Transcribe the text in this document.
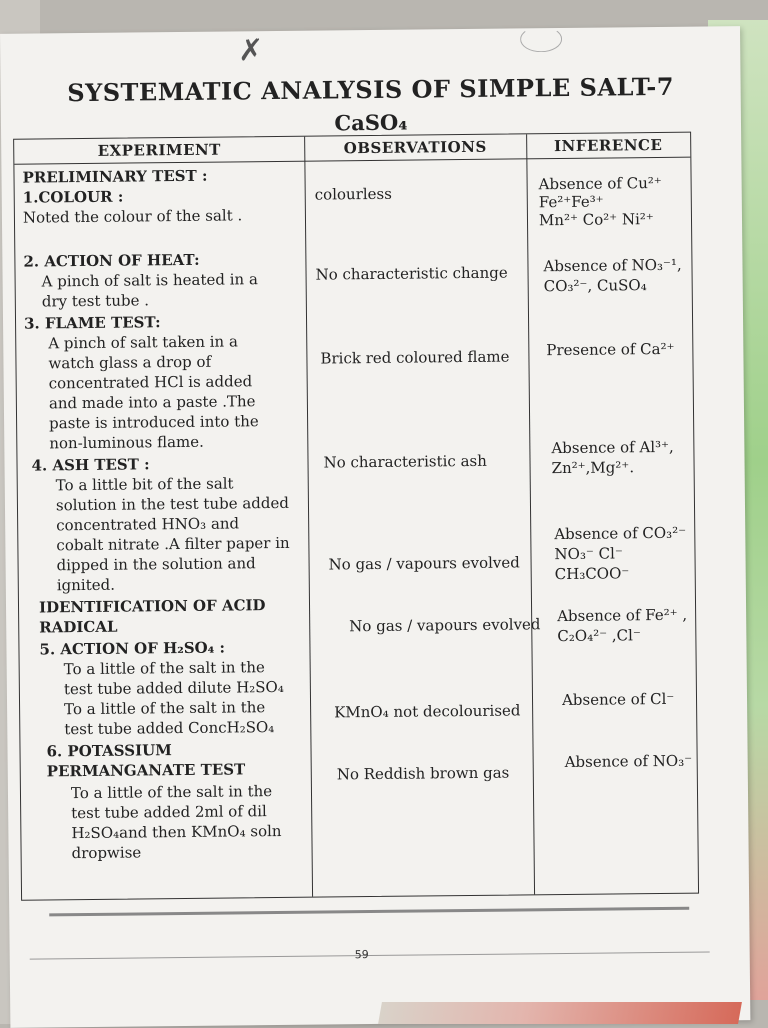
✗
SYSTEMATIC ANALYSIS OF SIMPLE SALT-7
CaSO₄
EXPERIMENT	OBSERVATIONS	INFERENCE
PRELIMINARY TEST :
1.COLOUR :
Noted the colour of the salt .
2. ACTION OF HEAT:
A pinch of salt is heated in a
dry test tube .
3. FLAME TEST:
A pinch of salt taken in a
watch glass a drop of
concentrated HCl is added
and made into a paste .The
paste is introduced into the
non-luminous flame.
4. ASH TEST :
To a little bit of the salt
solution in the test tube added
concentrated HNO₃ and
cobalt nitrate .A filter paper in
dipped in the solution and
ignited.
IDENTIFICATION OF ACID
RADICAL
5. ACTION OF H₂SO₄ :
To a little of the salt in the
test tube added dilute H₂SO₄
To a little of the salt in the
test tube added ConcH₂SO₄
6. POTASSIUM
PERMANGANATE TEST
To a little of the salt in the
test tube added 2ml of dil
H₂SO₄and then KMnO₄ soln
dropwise
colourless
No characteristic change
Brick red coloured flame
No characteristic ash
No gas / vapours evolved
No gas / vapours evolved
KMnO₄ not decolourised
No Reddish brown gas
Absence of Cu²⁺
Fe²⁺Fe³⁺
Mn²⁺ Co²⁺ Ni²⁺
Absence of NO₃⁻¹,
CO₃²⁻, CuSO₄
Presence of Ca²⁺
Absence of Al³⁺,
Zn²⁺,Mg²⁺.
Absence of CO₃²⁻
NO₃⁻ Cl⁻
CH₃COO⁻
Absence of Fe²⁺ ,
C₂O₄²⁻ ,Cl⁻
Absence of Cl⁻
Absence of NO₃⁻
59
